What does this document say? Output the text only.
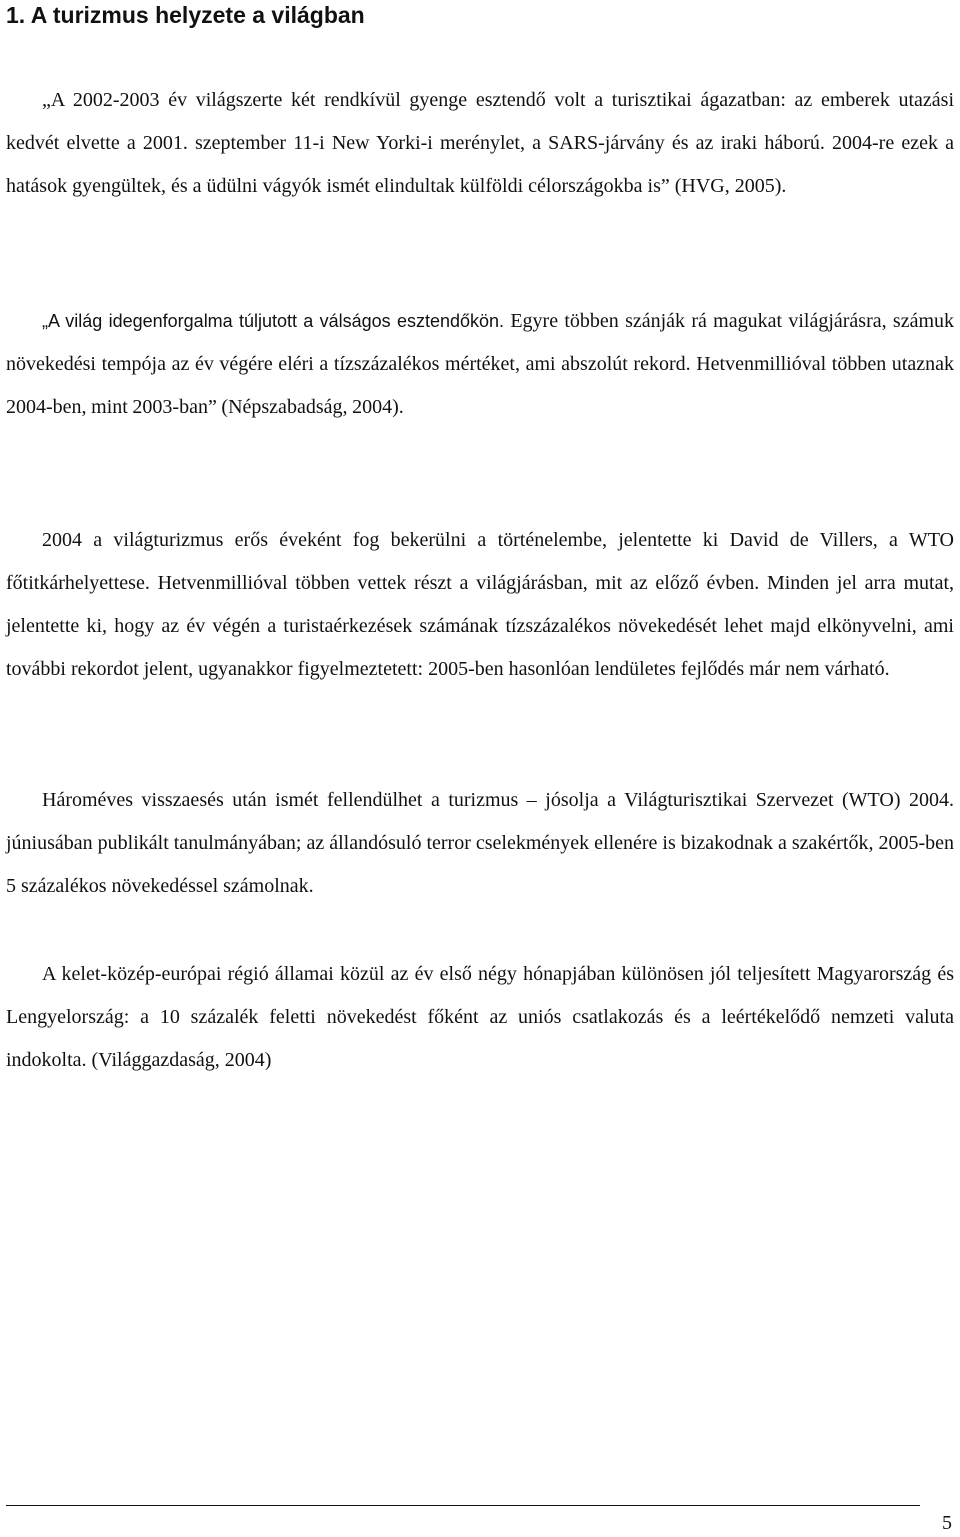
1. A turizmus helyzete a világban

„A 2002-2003 év világszerte két rendkívül gyenge esztendő volt a turisztikai ágazatban: az emberek utazási kedvét elvette a 2001. szeptember 11-i New Yorki-i merénylet, a SARS-járvány és az iraki háború. 2004-re ezek a hatások gyengültek, és a üdülni vágyók ismét elindultak külföldi célországokba is” (HVG, 2005).

„A világ idegenforgalma túljutott a válságos esztendőkön. Egyre többen szánják rá magukat világjárásra, számuk növekedési tempója az év végére eléri a tízszázalékos mértéket, ami abszolút rekord. Hetvenmillióval többen utaznak 2004-ben, mint 2003-ban” (Népszabadság, 2004).

2004 a világturizmus erős éveként fog bekerülni a történelembe, jelentette ki David de Villers, a WTO főtitkárhelyettese. Hetvenmillióval többen vettek részt a világjárásban, mit az előző évben. Minden jel arra mutat, jelentette ki, hogy az év végén a turistaérkezések számának tízszázalékos növekedését lehet majd elkönyvelni, ami további rekordot jelent, ugyanakkor figyelmeztetett: 2005-ben hasonlóan lendületes fejlődés már nem várható.

Hároméves visszaesés után ismét fellendülhet a turizmus – jósolja a Világturisztikai Szervezet (WTO) 2004. júniusában publikált tanulmányában; az állandósuló terror cselekmények ellenére is bizakodnak a szakértők, 2005-ben 5 százalékos növekedéssel számolnak.

A kelet-közép-európai régió államai közül az év első négy hónapjában különösen jól teljesített Magyarország és Lengyelország: a 10 százalék feletti növekedést főként az uniós csatlakozás és a leértékelődő nemzeti valuta indokolta. (Világgazdaság, 2004)

5
